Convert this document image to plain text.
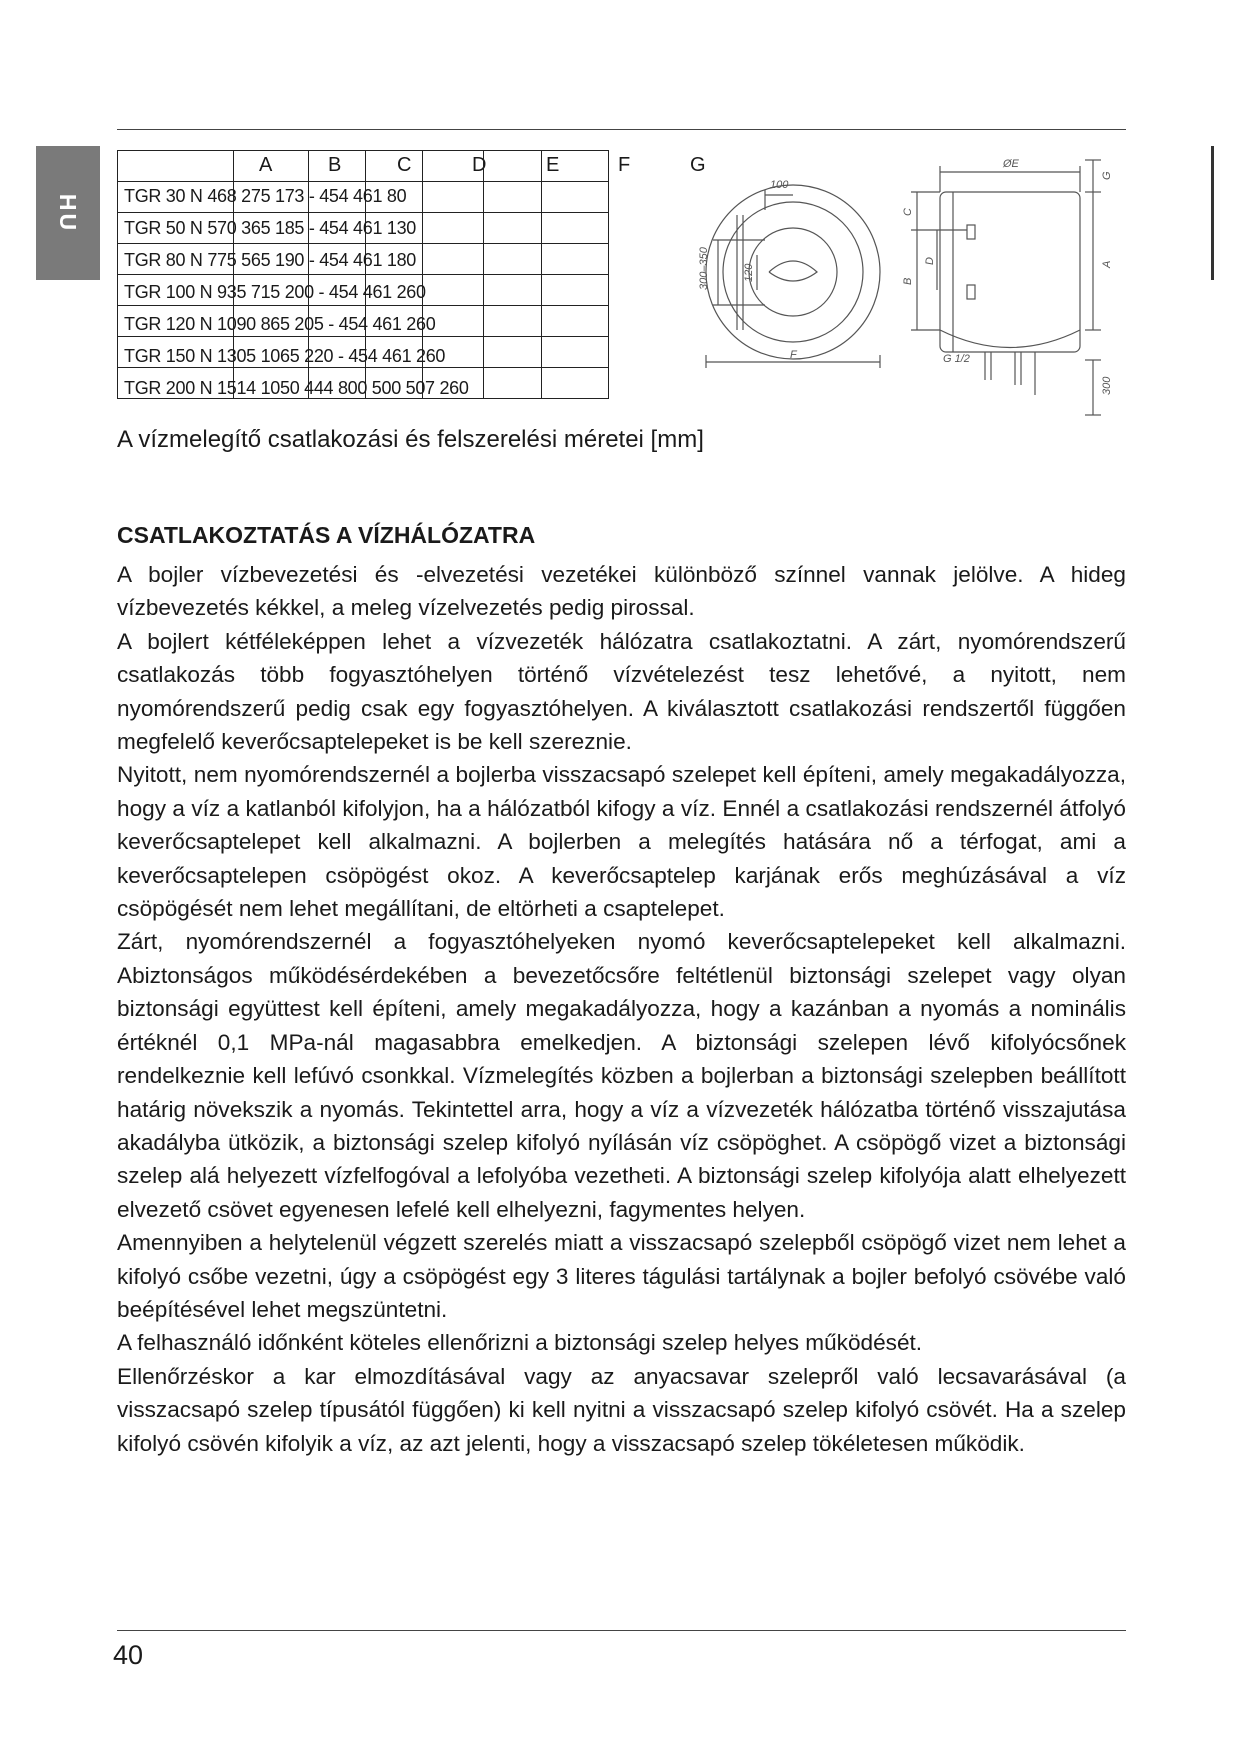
HU
A	B	C	D	E	F	G

TGR 30 N 468 275 173 - 454 461 80
TGR 50 N 570 365 185 - 454 461 130
TGR 80 N 775 565 190 - 454 461 180
TGR 100 N 935 715 200 - 454 461 260
TGR 120 N 1090 865 205 - 454 461 260
TGR 150 N 1305 1065 220 - 454 461 260
TGR 200 N 1514 1050 444 800 500 507 260
100
300–350	120
F
ØE
G
C
D	A
B
G 1/2
300
A vízmelegítő csatlakozási és felszerelési méretei [mm]
CSATLAKOZTATÁS A VÍZHÁLÓZATRA

A bojler vízbevezetési és -elvezetési vezetékei különböző színnel vannak jelölve. A hideg vízbevezetés kékkel, a meleg vízelvezetés pedig pirossal.

A bojlert kétféleképpen lehet a vízvezeték hálózatra csatlakoztatni. A zárt, nyomórendszerű csatlakozás több fogyasztóhelyen történő vízvételezést tesz lehetővé, a nyitott, nem nyomórendszerű pedig csak egy fogyasztóhelyen. A kiválasztott csatlakozási rendszertől függően megfelelő keverőcsaptelepeket is be kell szereznie.

Nyitott, nem nyomórendszernél a bojlerba visszacsapó szelepet kell építeni, amely megakadályozza, hogy a víz a katlanból kifolyjon, ha a hálózatból kifogy a víz. Ennél a csatlakozási rendszernél átfolyó keverőcsaptelepet kell alkalmazni. A bojlerben a melegítés hatására nő a térfogat, ami a keverőcsaptelepen csöpögést okoz. A keverőcsaptelep karjának erős meghúzásával a víz csöpögését nem lehet megállítani, de eltörheti a csaptelepet.

Zárt, nyomórendszernél a fogyasztóhelyeken nyomó keverőcsaptelepeket kell alkalmazni. Abiztonságos működésérdekében a bevezetőcsőre feltétlenül biztonsági szelepet vagy olyan biztonsági együttest kell építeni, amely megakadályozza, hogy a kazánban a nyomás a nominális értéknél 0,1 MPa-nál magasabbra emelkedjen. A biztonsági szelepen lévő kifolyócsőnek rendelkeznie kell lefúvó csonkkal. Vízmelegítés közben a bojlerban a biztonsági szelepben beállított határig növekszik a nyomás. Tekintettel arra, hogy a víz a vízvezeték hálózatba történő visszajutása akadályba ütközik, a biztonsági szelep kifolyó nyílásán víz csöpöghet. A csöpögő vizet a biztonsági szelep alá helyezett vízfelfogóval a lefolyóba vezetheti. A biztonsági szelep kifolyója alatt elhelyezett elvezető csövet egyenesen lefelé kell elhelyezni, fagymentes helyen.

Amennyiben a helytelenül végzett szerelés miatt a visszacsapó szelepből csöpögő vizet nem lehet a kifolyó csőbe vezetni, úgy a csöpögést egy 3 literes tágulási tartálynak a bojler befolyó csövébe való beépítésével lehet megszüntetni.

A felhasználó időnként köteles ellenőrizni a biztonsági szelep helyes működését.

Ellenőrzéskor a kar elmozdításával vagy az anyacsavar szelepről való lecsavarásával (a visszacsapó szelep típusától függően) ki kell nyitni a visszacsapó szelep kifolyó csövét. Ha a szelep kifolyó csövén kifolyik a víz, az azt jelenti, hogy a visszacsapó szelep tökéletesen működik.

40
